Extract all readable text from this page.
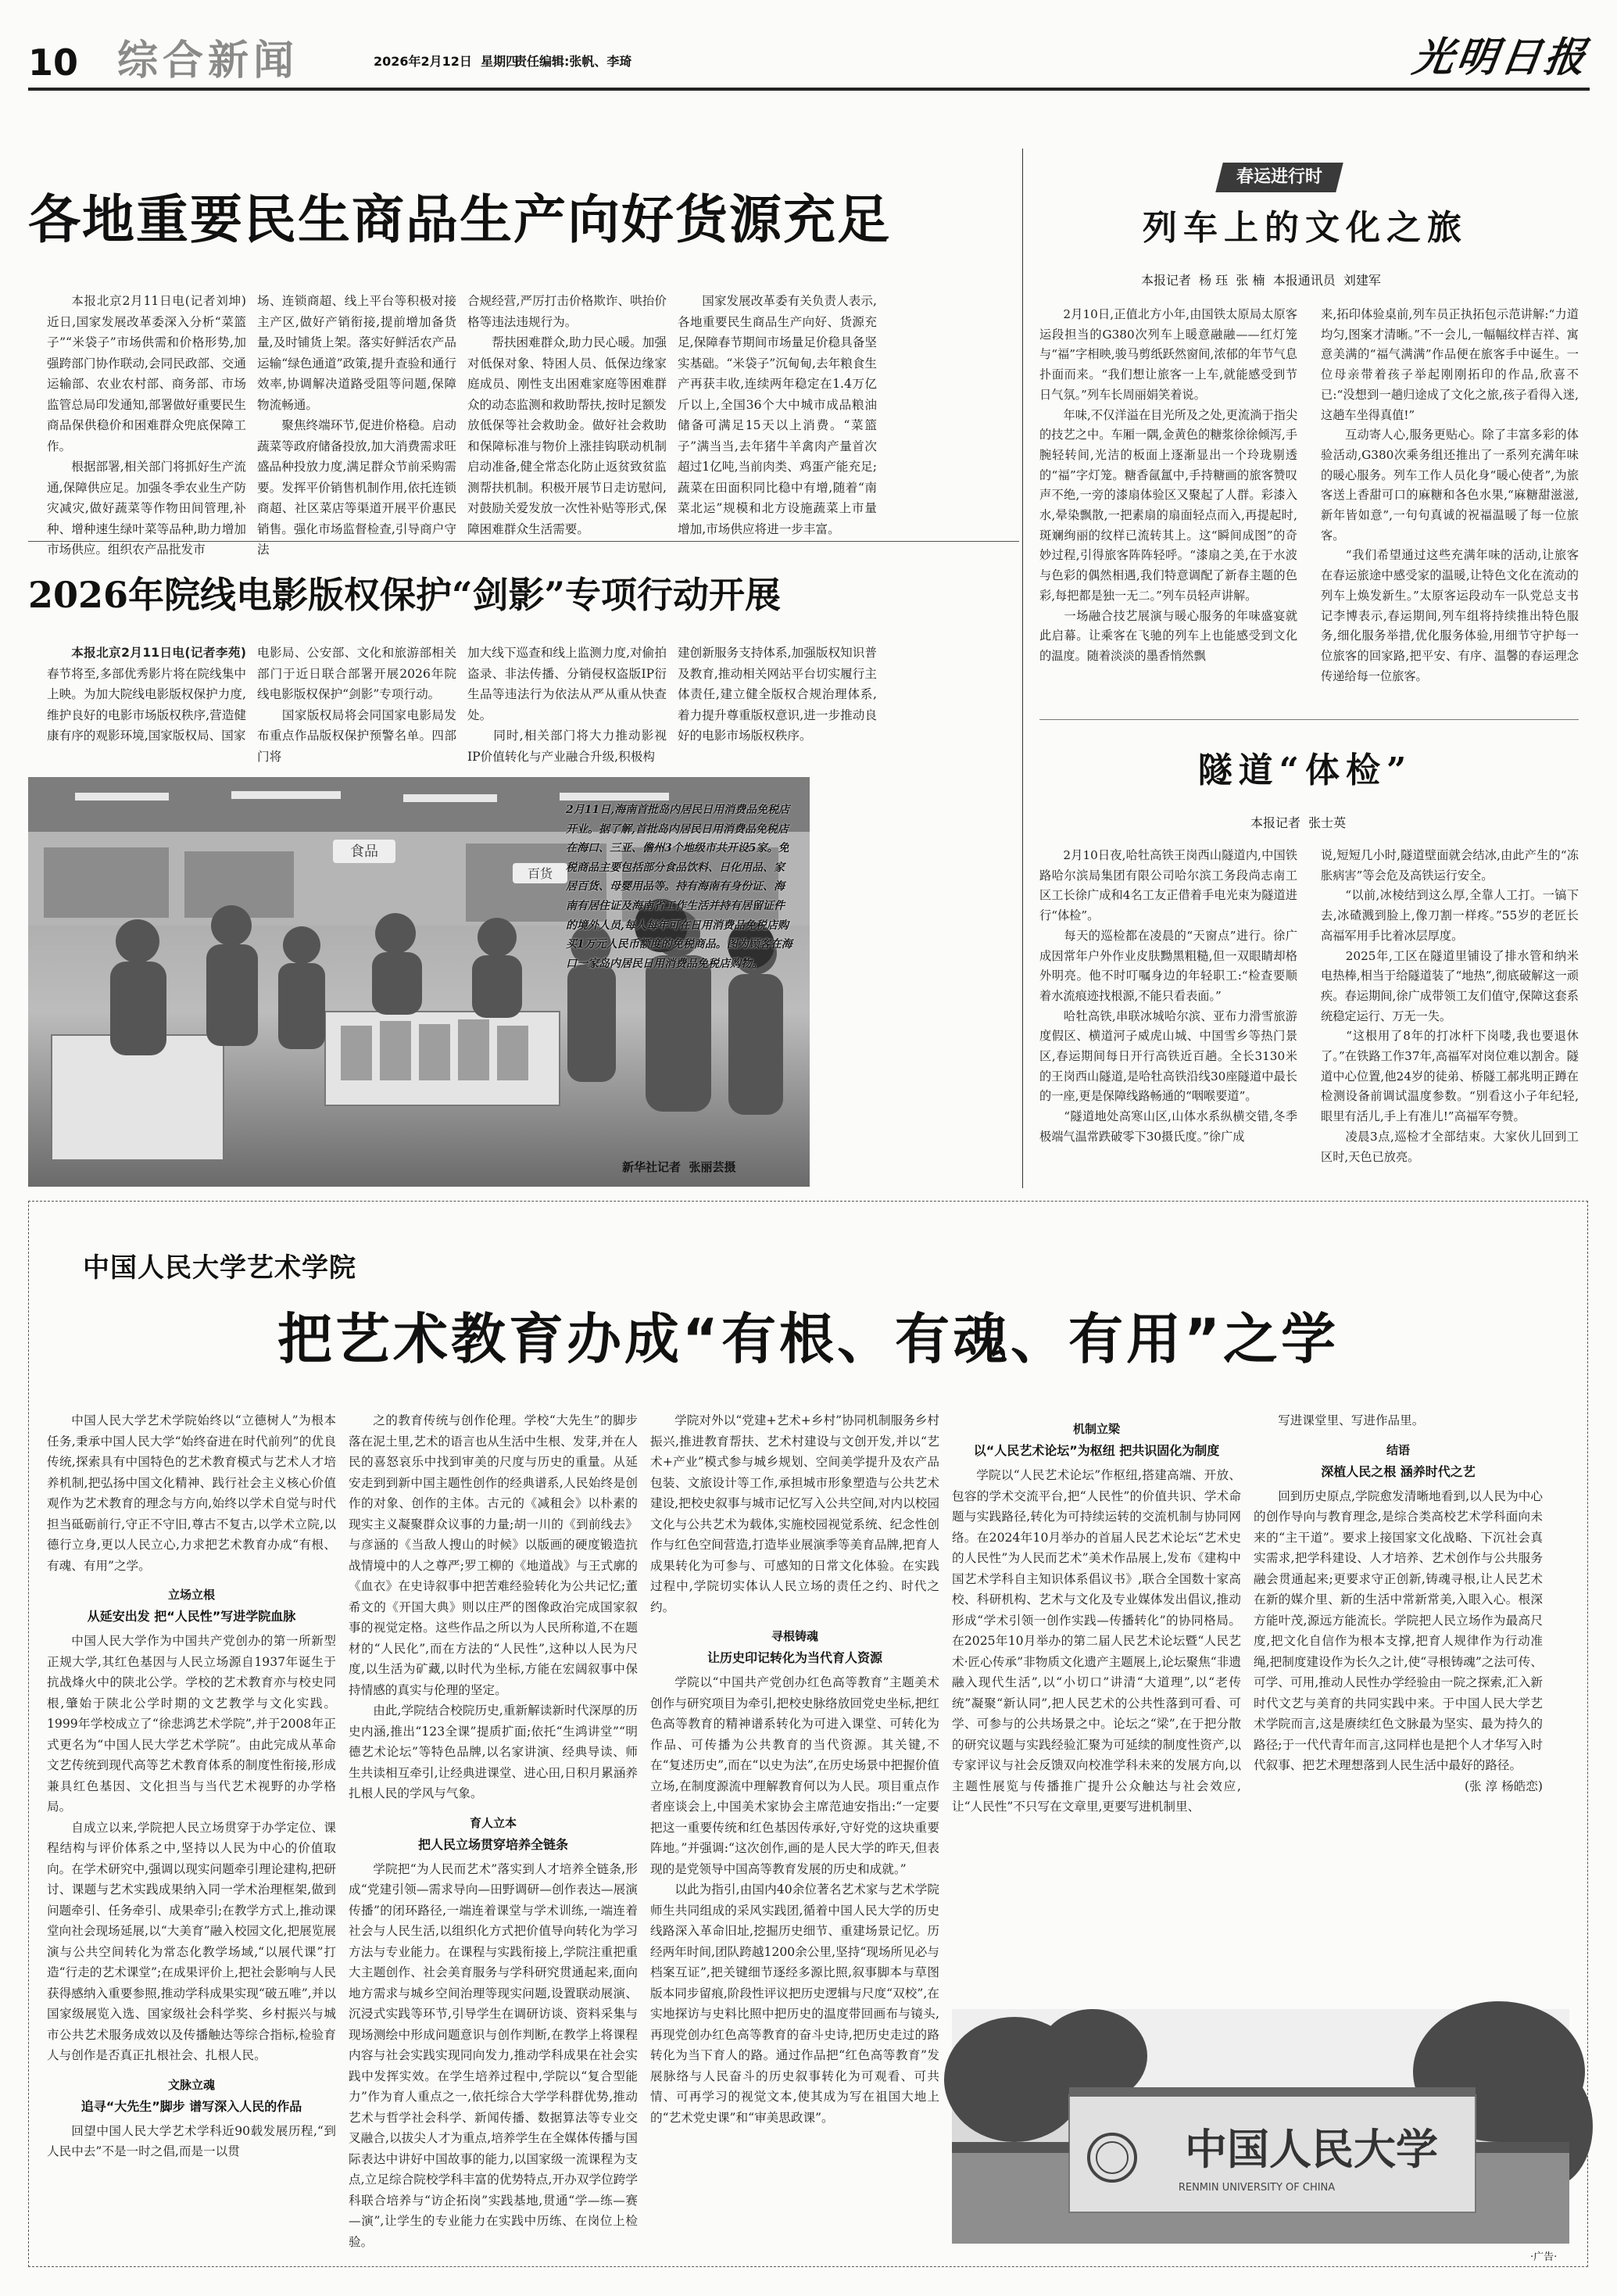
10 综合新闻	2026年2月12日  星期四
责任编辑:张帆、李琦	光明日报
各地重要民生商品生产向好货源充足

本报北京2月11日电(记者刘坤)近日,国家发展改革委深入分析“菜篮子”“米袋子”市场供需和价格形势,加强跨部门协作联动,会同民政部、交通运输部、农业农村部、商务部、市场监管总局印发通知,部署做好重要民生商品保供稳价和困难群众兜底保障工作。
　　根据部署,相关部门将抓好生产流通,保障供应足。加强冬季农业生产防灾减灾,做好蔬菜等作物田间管理,补种、增种速生绿叶菜等品种,助力增加市场供应。组织农产品批发市

场、连锁商超、线上平台等积极对接主产区,做好产销衔接,提前增加备货量,及时铺货上架。落实好鲜活农产品运输“绿色通道”政策,提升查验和通行效率,协调解决道路受阻等问题,保障物流畅通。
　　聚焦终端环节,促进价格稳。启动蔬菜等政府储备投放,加大消费需求旺盛品种投放力度,满足群众节前采购需要。发挥平价销售机制作用,依托连锁商超、社区菜店等渠道开展平价惠民销售。强化市场监督检查,引导商户守法

合规经营,严厉打击价格欺诈、哄抬价格等违法违规行为。
　　帮扶困难群众,助力民心暖。加强对低保对象、特困人员、低保边缘家庭成员、刚性支出困难家庭等困难群众的动态监测和救助帮扶,按时足额发放低保等社会救助金。做好社会救助和保障标准与物价上涨挂钩联动机制启动准备,健全常态化防止返贫致贫监测帮扶机制。积极开展节日走访慰问,对鼓励关爱发放一次性补贴等形式,保障困难群众生活需要。

国家发展改革委有关负责人表示,各地重要民生商品生产向好、货源充足,保障春节期间市场量足价稳具备坚实基础。“米袋子”沉甸甸,去年粮食生产再获丰收,连续两年稳定在1.4万亿斤以上,全国36个大中城市成品粮油储备可满足15天以上消费。“菜篮子”满当当,去年猪牛羊禽肉产量首次超过1亿吨,当前肉类、鸡蛋产能充足;蔬菜在田面积同比稳中有增,随着“南菜北运”规模和北方设施蔬菜上市量增加,市场供应将进一步丰富。

2026年院线电影版权保护“剑影”专项行动开展

本报北京2月11日电(记者李苑)春节将至,多部优秀影片将在院线集中上映。为加大院线电影版权保护力度,维护良好的电影市场版权秩序,营造健康有序的观影环境,国家版权局、国家

电影局、公安部、文化和旅游部相关部门于近日联合部署开展2026年院线电影版权保护“剑影”专项行动。
　　国家版权局将会同国家电影局发布重点作品版权保护预警名单。四部门将

加大线下巡查和线上监测力度,对偷拍盗录、非法传播、分销侵权盗版IP衍生品等违法行为依法从严从重从快查处。
　　同时,相关部门将大力推动影视IP价值转化与产业融合升级,积极构

建创新服务支持体系,加强版权知识普及教育,推动相关网站平台切实履行主体责任,建立健全版权合规治理体系,着力提升尊重版权意识,进一步推动良好的电影市场版权秩序。

食品
百货
2月11日,海南首批岛内居民日用消费品免税店开业。据了解,首批岛内居民日用消费品免税店在海口、三亚、儋州3个地级市共开设5家。免税商品主要包括部分食品饮料、日化用品、家居百货、母婴用品等。持有海南有身份证、海南有居住证及海南省工作生活并持有居留证件的境外人员,每人每年可在日用消费品免税店购买1万元人民币额度的免税商品。图为顾客在海口一家岛内居民日用消费品免税店购物。
新华社记者  张丽芸摄
春运进行时
列车上的文化之旅
本报记者  杨 珏  张 楠  本报通讯员  刘建军

2月10日,正值北方小年,由国铁太原局太原客运段担当的G380次列车上暖意融融——红灯笼与“福”字相映,骏马剪纸跃然窗间,浓郁的年节气息扑面而来。“我们想让旅客一上车,就能感受到节日气氛。”列车长周丽娟笑着说。
　　年味,不仅洋溢在目光所及之处,更流淌于指尖的技艺之中。车厢一隅,金黄色的糖浆徐徐倾泻,手腕轻转间,光洁的板面上逐渐显出一个玲珑剔透的“福”字灯笼。糖香氤氲中,手持糖画的旅客赞叹声不绝,一旁的漆扇体验区又聚起了人群。彩漆入水,晕染飘散,一把素扇的扇面轻点而入,再提起时,斑斓绚丽的纹样已流转其上。这“瞬间成图”的奇妙过程,引得旅客阵阵轻呼。“漆扇之美,在于水波与色彩的偶然相遇,我们特意调配了新春主题的色彩,每把都是独一无二。”列车员轻声讲解。
　　一场融合技艺展演与暖心服务的年味盛宴就此启幕。让乘客在飞驰的列车上也能感受到文化的温度。随着淡淡的墨香悄然飘

来,拓印体验桌前,列车员正执拓包示范讲解:“力道均匀,图案才清晰。”不一会儿,一幅幅纹样吉祥、寓意美满的“福气满满”作品便在旅客手中诞生。一位母亲带着孩子举起刚刚拓印的作品,欣喜不已:“没想到一趟归途成了文化之旅,孩子看得入迷,这趟车坐得真值!”
　　互动寄人心,服务更贴心。除了丰富多彩的体验活动,G380次乘务组还推出了一系列充满年味的暖心服务。列车工作人员化身“暖心使者”,为旅客送上香甜可口的麻糖和各色水果,“麻糖甜滋滋,新年皆如意”,一句句真诚的祝福温暖了每一位旅客。
　　“我们希望通过这些充满年味的活动,让旅客在春运旅途中感受家的温暖,让特色文化在流动的列车上焕发新生。”太原客运段动车一队党总支书记李博表示,春运期间,列车组将持续推出特色服务,细化服务举措,优化服务体验,用细节守护每一位旅客的回家路,把平安、有序、温馨的春运理念传递给每一位旅客。

隧道“体检”
本报记者  张士英

2月10日夜,哈牡高铁王岗西山隧道内,中国铁路哈尔滨局集团有限公司哈尔滨工务段尚志南工区工长徐广成和4名工友正借着手电光束为隧道进行“体检”。
　　每天的巡检都在凌晨的“天窗点”进行。徐广成因常年户外作业皮肤黝黑粗糙,但一双眼睛却格外明亮。他不时叮嘱身边的年轻职工:“检查要顺着水流痕迹找根源,不能只看表面。”
　　哈牡高铁,串联冰城哈尔滨、亚布力滑雪旅游度假区、横道河子威虎山城、中国雪乡等热门景区,春运期间每日开行高铁近百趟。全长3130米的王岗西山隧道,是哈牡高铁沿线30座隧道中最长的一座,更是保障线路畅通的“咽喉要道”。
　　“隧道地处高寒山区,山体水系纵横交错,冬季极端气温常跌破零下30摄氏度。”徐广成

说,短短几小时,隧道壁面就会结冰,由此产生的“冻胀病害”等会危及高铁运行安全。
　　“以前,冰棱结到这么厚,全靠人工打。一镐下去,冰碴溅到脸上,像刀割一样疼。”55岁的老匠长高福军用手比着冰层厚度。
　　2025年,工区在隧道里铺设了排水管和纳米电热棒,相当于给隧道装了“地热”,彻底破解这一顽疾。春运期间,徐广成带领工友们值守,保障这套系统稳定运行、万无一失。
　　“这根用了8年的打冰杆下岗喽,我也要退休了。”在铁路工作37年,高福军对岗位难以割舍。隧道中心位置,他24岁的徒弟、桥隧工郝兆明正蹲在检测设备前调试温度参数。“别看这小子年纪轻,眼里有活儿,手上有准儿!”高福军夸赞。
　　凌晨3点,巡检才全部结束。大家伙儿回到工区时,天色已放亮。

中国人民大学艺术学院
把艺术教育办成“有根、有魂、有用”之学

中国人民大学艺术学院始终以“立德树人”为根本任务,秉承中国人民大学“始终奋进在时代前列”的优良传统,探索具有中国特色的艺术教育模式与艺术人才培养机制,把弘扬中国文化精神、践行社会主义核心价值观作为艺术教育的理念与方向,始终以学术自觉与时代担当砥砺前行,守正不守旧,尊古不复古,以学术立院,以德行立身,更以人民立心,力求把艺术教育办成“有根、有魂、有用”之学。

立场立根
从延安出发 把“人民性”写进学院血脉

中国人民大学作为中国共产党创办的第一所新型正规大学,其红色基因与人民立场源自1937年诞生于抗战烽火中的陕北公学。学校的艺术教育亦与校史同根,肇始于陕北公学时期的文艺教学与文化实践。1999年学校成立了“徐悲鸿艺术学院”,并于2008年正式更名为“中国人民大学艺术学院”。由此完成从革命文艺传统到现代高等艺术教育体系的制度性衔接,形成兼具红色基因、文化担当与当代艺术视野的办学格局。

自成立以来,学院把人民立场贯穿于办学定位、课程结构与评价体系之中,坚持以人民为中心的价值取向。在学术研究中,强调以现实问题牵引理论建构,把研讨、课题与艺术实践成果纳入同一学术治理框架,做到问题牵引、任务牵引、成果牵引;在教学方式上,推动课堂向社会现场延展,以“大美育”融入校园文化,把展览展演与公共空间转化为常态化教学场域,“以展代课”打造“行走的艺术课堂”;在成果评价上,把社会影响与人民获得感纳入重要参照,推动学科成果实现“破五唯”,并以国家级展览入选、国家级社会科学奖、乡村振兴与城市公共艺术服务成效以及传播触达等综合指标,检验育人与创作是否真正扎根社会、扎根人民。

文脉立魂
追寻“大先生”脚步 谱写深入人民的作品

回望中国人民大学艺术学科近90载发展历程,“到人民中去”不是一时之倡,而是一以贯

之的教育传统与创作伦理。学校“大先生”的脚步落在泥土里,艺术的语言也从生活中生根、发芽,并在人民的喜怒哀乐中找到审美的尺度与历史的重量。从延安走到到新中国主题性创作的经典谱系,人民始终是创作的对象、创作的主体。古元的《减租会》以朴素的现实主义凝聚群众议事的力量;胡一川的《到前线去》与彦涵的《当敌人搜山的时候》以版画的硬度锻造抗战情境中的人之尊严;罗工柳的《地道战》与王式廓的《血衣》在史诗叙事中把苦难经验转化为公共记忆;董希文的《开国大典》则以庄严的图像政治完成国家叙事的视觉定格。这些作品之所以为人民所称道,不在题材的“人民化”,而在方法的“人民性”,这种以人民为尺度,以生活为矿藏,以时代为坐标,方能在宏阔叙事中保持情感的真实与伦理的坚定。

由此,学院结合校院历史,重新解读新时代深厚的历史内涵,推出“123全课”提质扩面;依托“生鸿讲堂”“明德艺术论坛”等特色品牌,以名家讲演、经典导读、师生共读相互牵引,让经典进课堂、进心田,日积月累涵养扎根人民的学风与气象。

育人立本
把人民立场贯穿培养全链条

学院把“为人民而艺术”落实到人才培养全链条,形成“党建引领—需求导向—田野调研—创作表达—展演传播”的闭环路径,一端连着课堂与学术训练,一端连着社会与人民生活,以组织化方式把价值导向转化为学习方法与专业能力。在课程与实践衔接上,学院注重把重大主题创作、社会美育服务与学科研究贯通起来,面向地方需求与城乡空间治理等现实问题,设置联动展演、沉浸式实践等环节,引导学生在调研访谈、资料采集与现场测绘中形成问题意识与创作判断,在教学上将课程内容与社会实践实现同向发力,推动学科成果在社会实践中发挥实效。在学生培养过程中,学院以“复合型能力”作为育人重点之一,依托综合大学学科群优势,推动艺术与哲学社会科学、新闻传播、数据算法等专业交叉融合,以拔尖人才为重点,培养学生在全媒体传播与国际表达中讲好中国故事的能力,以国家级一流课程为支点,立足综合院校学科丰富的优势特点,开办双学位跨学科联合培养与“访企拓岗”实践基地,贯通“学—练—赛—演”,让学生的专业能力在实践中历练、在岗位上检验。

学院对外以“党建+艺术+乡村”协同机制服务乡村振兴,推进教育帮扶、艺术村建设与文创开发,并以“艺术+产业”模式参与城乡规划、空间美学提升及农产品包装、文旅设计等工作,承担城市形象塑造与公共艺术建设,把校史叙事与城市记忆写入公共空间,对内以校园文化与公共艺术为载体,实施校园视觉系统、纪念性创作与红色空间营造,打造毕业展演季等美育品牌,把育人成果转化为可参与、可感知的日常文化体验。在实践过程中,学院切实体认人民立场的责任之约、时代之约。

寻根铸魂
让历史印记转化为当代育人资源

学院以“中国共产党创办红色高等教育”主题美术创作与研究项目为牵引,把校史脉络放回党史坐标,把红色高等教育的精神谱系转化为可进入课堂、可转化为作品、可传播为公共教育的当代资源。其关键,不在“复述历史”,而在“以史为法”,在历史场景中把握价值立场,在制度源流中理解教育何以为人民。项目重点作者座谈会上,中国美术家协会主席范迪安指出:“一定要把这一重要传统和红色基因传承好,守好党的这块重要阵地。”并强调:“这次创作,画的是人民大学的昨天,但表现的是党领导中国高等教育发展的历史和成就。”

以此为指引,由国内40余位著名艺术家与艺术学院师生共同组成的采风实践团,循着中国人民大学的历史线路深入革命旧址,挖掘历史细节、重建场景记忆。历经两年时间,团队跨越1200余公里,坚持“现场所见必与档案互证”,把关键细节逐经多源比照,叙事脚本与草图版本同步留痕,阶段性评议把历史逻辑与尺度“双校”,在实地探访与史料比照中把历史的温度带回画布与镜头,再现党创办红色高等教育的奋斗史诗,把历史走过的路转化为当下育人的路。通过作品把“红色高等教育”发展脉络与人民奋斗的历史叙事转化为可观看、可共情、可再学习的视觉文本,使其成为写在祖国大地上的“艺术党史课”和“审美思政课”。

机制立梁
以“人民艺术论坛”为枢纽 把共识固化为制度

学院以“人民艺术论坛”作枢纽,搭建高端、开放、包容的学术交流平台,把“人民性”的价值共识、学术命题与实践路径,转化为可持续运转的交流机制与协同网络。在2024年10月举办的首届人民艺术论坛“艺术史的人民性”为人民而艺术”美术作品展上,发布《建构中国艺术学科自主知识体系倡议书》,联合全国数十家高校、科研机构、艺术与文化及专业媒体发出倡议,推动形成“学术引领一创作实践—传播转化”的协同格局。在2025年10月举办的第二届人民艺术论坛暨“人民艺术·匠心传承”非物质文化遗产主题展上,论坛聚焦“非遗融入现代生活”,以“小切口”讲清“大道理”,以“老传统”凝聚“新认同”,把人民艺术的公共性落到可看、可学、可参与的公共场景之中。论坛之“梁”,在于把分散的研究议题与实践经验汇聚为可延续的制度性资产,以专家评议与社会反馈双向校准学科未来的发展方向,以主题性展览与传播推广提升公众触达与社会效应,让“人民性”不只写在文章里,更要写进机制里、

写进课堂里、写进作品里。

结语
深植人民之根 涵养时代之艺

回到历史原点,学院愈发清晰地看到,以人民为中心的创作导向与教育理念,是综合类高校艺术学科面向未来的“主干道”。要求上接国家文化战略、下沉社会真实需求,把学科建设、人才培养、艺术创作与公共服务融会贯通起来;更要求守正创新,铸魂寻根,让人民艺术在新的媒介里、新的生活中常新常美,入眼入心。根深方能叶茂,源远方能流长。学院把人民立场作为最高尺度,把文化自信作为根本支撑,把育人规律作为行动准绳,把制度建设作为长久之计,使“寻根铸魂”之法可传、可学、可用,推动人民性办学经验由一院之探索,汇入新时代文艺与美育的共同实践中来。于中国人民大学艺术学院而言,这是赓续红色文脉最为坚实、最为持久的路径;于一代代青年而言,这同样也是把个人才华写入时代叙事、把艺术理想落到人民生活中最好的路径。

(张 淳 杨皓恋)

中国人民大学
RENMIN UNIVERSITY OF CHINA
·广告·
